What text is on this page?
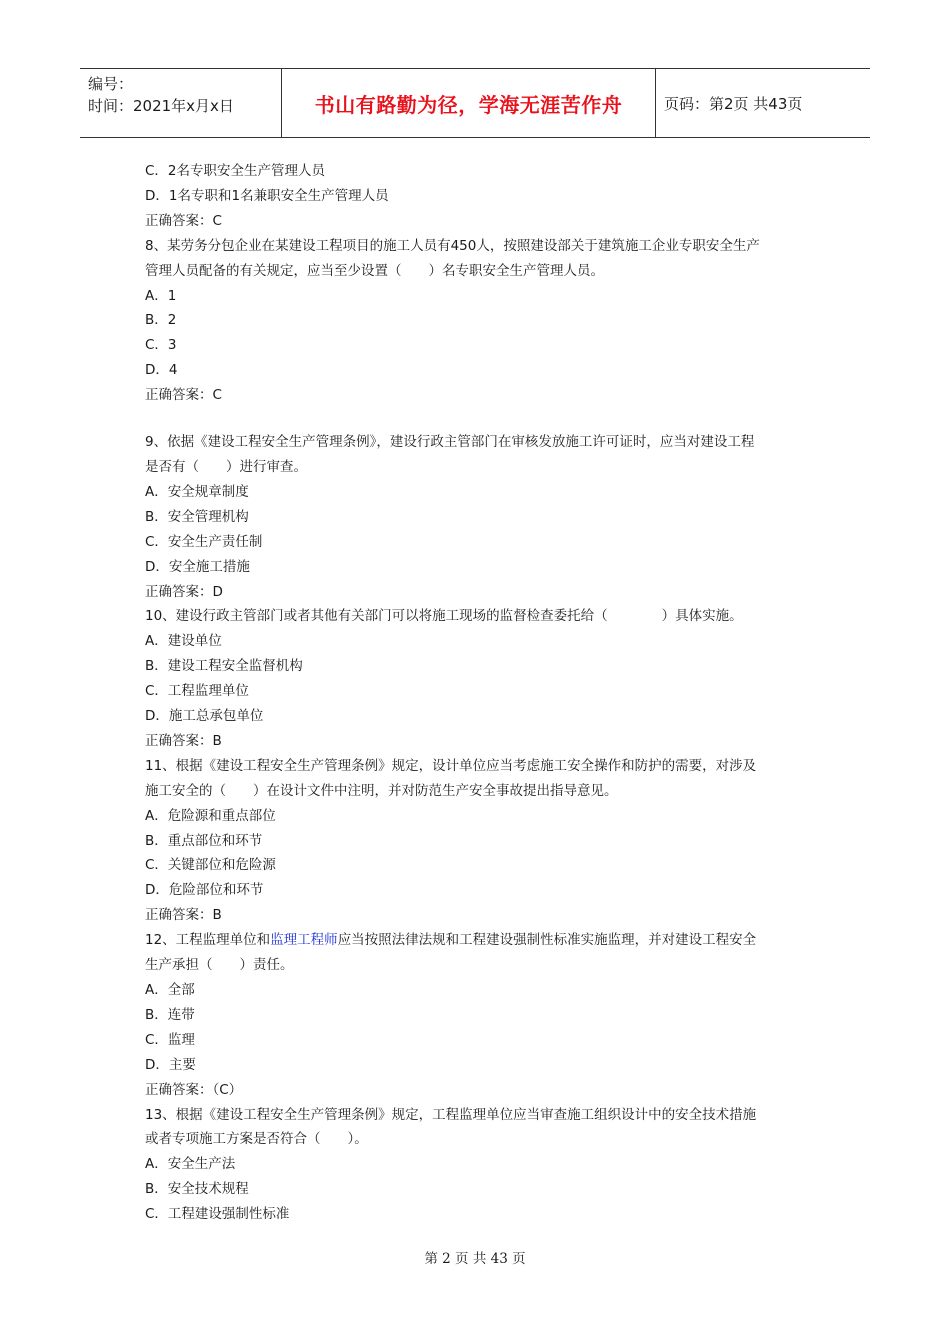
编号：
时间：2021年x月x日	书山有路勤为径，学海无涯苦作舟	页码：第2页 共43页
C．2名专职安全生产管理人员
D．1名专职和1名兼职安全生产管理人员
正确答案：C
8、某劳务分包企业在某建设工程项目的施工人员有450人，按照建设部关于建筑施工企业专职安全生产
管理人员配备的有关规定，应当至少设置（　　）名专职安全生产管理人员。
A．1
B．2
C．3
D．4
正确答案：C
9、依据《建设工程安全生产管理条例》，建设行政主管部门在审核发放施工许可证时，应当对建设工程
是否有（　　）进行审查。
A．安全规章制度
B．安全管理机构
C．安全生产责任制
D．安全施工措施
正确答案：D
10、建设行政主管部门或者其他有关部门可以将施工现场的监督检查委托给（　　　　）具体实施。
A．建设单位
B．建设工程安全监督机构
C．工程监理单位
D．施工总承包单位
正确答案：B
11、根据《建设工程安全生产管理条例》规定，设计单位应当考虑施工安全操作和防护的需要，对涉及
施工安全的（　　）在设计文件中注明，并对防范生产安全事故提出指导意见。
A．危险源和重点部位
B．重点部位和环节
C．关键部位和危险源
D．危险部位和环节
正确答案：B
12、工程监理单位和监理工程师应当按照法律法规和工程建设强制性标准实施监理，并对建设工程安全
生产承担（　　）责任。
A．全部
B．连带
C．监理
D．主要
正确答案：（C）
13、根据《建设工程安全生产管理条例》规定，工程监理单位应当审查施工组织设计中的安全技术措施
或者专项施工方案是否符合（　　）。
A．安全生产法
B．安全技术规程
C．工程建设强制性标准
第 2 页 共 43 页
